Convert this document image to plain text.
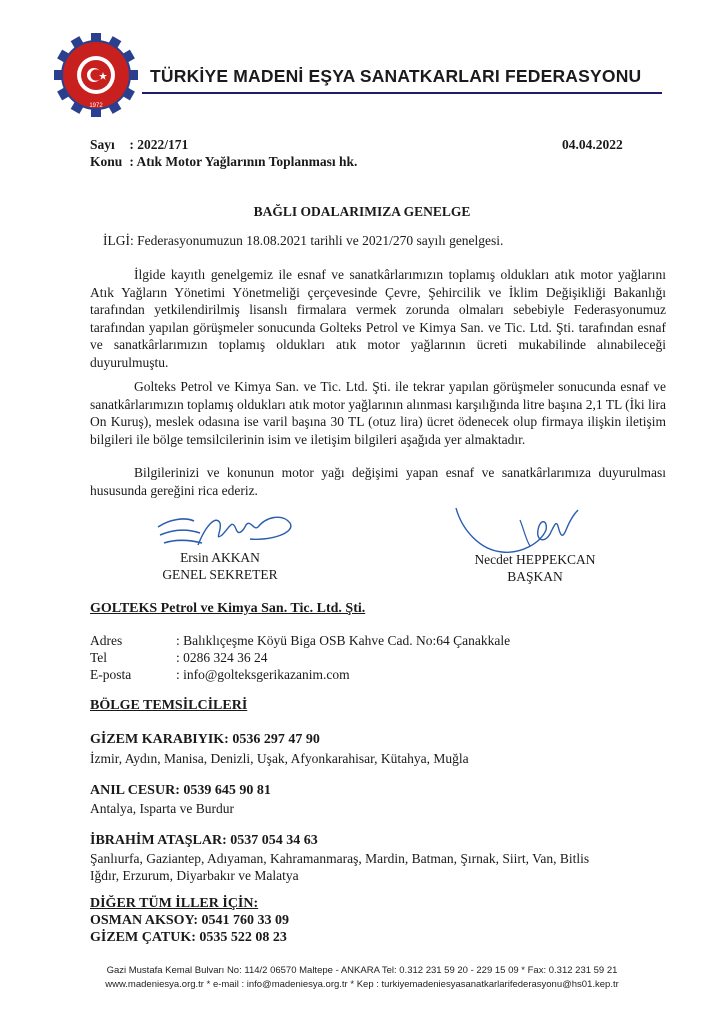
1972
TÜRKİYE MADENİ EŞYA SANATKARLARI FEDERASYONU
Sayı : 2022/171
Konu : Atık Motor Yağlarının Toplanması hk.
04.04.2022
BAĞLI ODALARIMIZA GENELGE
İLGİ: Federasyonumuzun 18.08.2021 tarihli ve 2021/270 sayılı genelgesi.
İlgide kayıtlı genelgemiz ile esnaf ve sanatkârlarımızın toplamış oldukları atık motor yağlarını Atık Yağların Yönetimi Yönetmeliği çerçevesinde Çevre, Şehircilik ve İklim Değişikliği Bakanlığı tarafından yetkilendirilmiş lisanslı firmalara vermek zorunda olmaları sebebiyle Federasyonumuz tarafından yapılan görüşmeler sonucunda Golteks Petrol ve Kimya San. ve Tic. Ltd. Şti. tarafından esnaf ve sanatkârlarımızın toplamış oldukları atık motor yağlarının ücreti mukabilinde alınabileceği duyurulmuştu.
Golteks Petrol ve Kimya San. ve Tic. Ltd. Şti. ile tekrar yapılan görüşmeler sonucunda esnaf ve sanatkârlarımızın toplamış oldukları atık motor yağlarının alınması karşılığında litre başına 2,1 TL (İki lira On Kuruş), meslek odasına ise varil başına 30 TL (otuz lira) ücret ödenecek olup firmaya ilişkin iletişim bilgileri ile bölge temsilcilerinin isim ve iletişim bilgileri aşağıda yer almaktadır.
Bilgilerinizi ve konunun motor yağı değişimi yapan esnaf ve sanatkârlarımıza duyurulması hususunda gereğini rica ederiz.
Ersin AKKAN
GENEL SEKRETER
Necdet HEPPEKCAN
BAŞKAN
GOLTEKS Petrol ve Kimya San. Tic. Ltd. Şti.
Adres	: Balıklıçeşme Köyü Biga OSB Kahve Cad. No:64 Çanakkale
Tel	: 0286 324 36 24
E-posta	: info@golteksgerikazanim.com
BÖLGE TEMSİLCİLERİ
GİZEM KARABIYIK: 0536 297 47 90
İzmir, Aydın, Manisa, Denizli, Uşak, Afyonkarahisar, Kütahya, Muğla
ANIL CESUR: 0539 645 90 81
Antalya, Isparta ve Burdur
İBRAHİM ATAŞLAR: 0537 054 34 63
Şanlıurfa, Gaziantep, Adıyaman, Kahramanmaraş, Mardin, Batman, Şırnak, Siirt, Van, Bitlis
Iğdır, Erzurum, Diyarbakır ve Malatya
DİĞER TÜM İLLER İÇİN:
OSMAN AKSOY: 0541 760 33 09
GİZEM ÇATUK: 0535 522 08 23
Gazi Mustafa Kemal Bulvarı No: 114/2 06570 Maltepe - ANKARA Tel: 0.312 231 59 20 - 229 15 09 * Fax: 0.312 231 59 21
www.madeniesya.org.tr * e-mail : info@madeniesya.org.tr * Kep : turkiyemadeniesyasanatkarlarifederasyonu@hs01.kep.tr
